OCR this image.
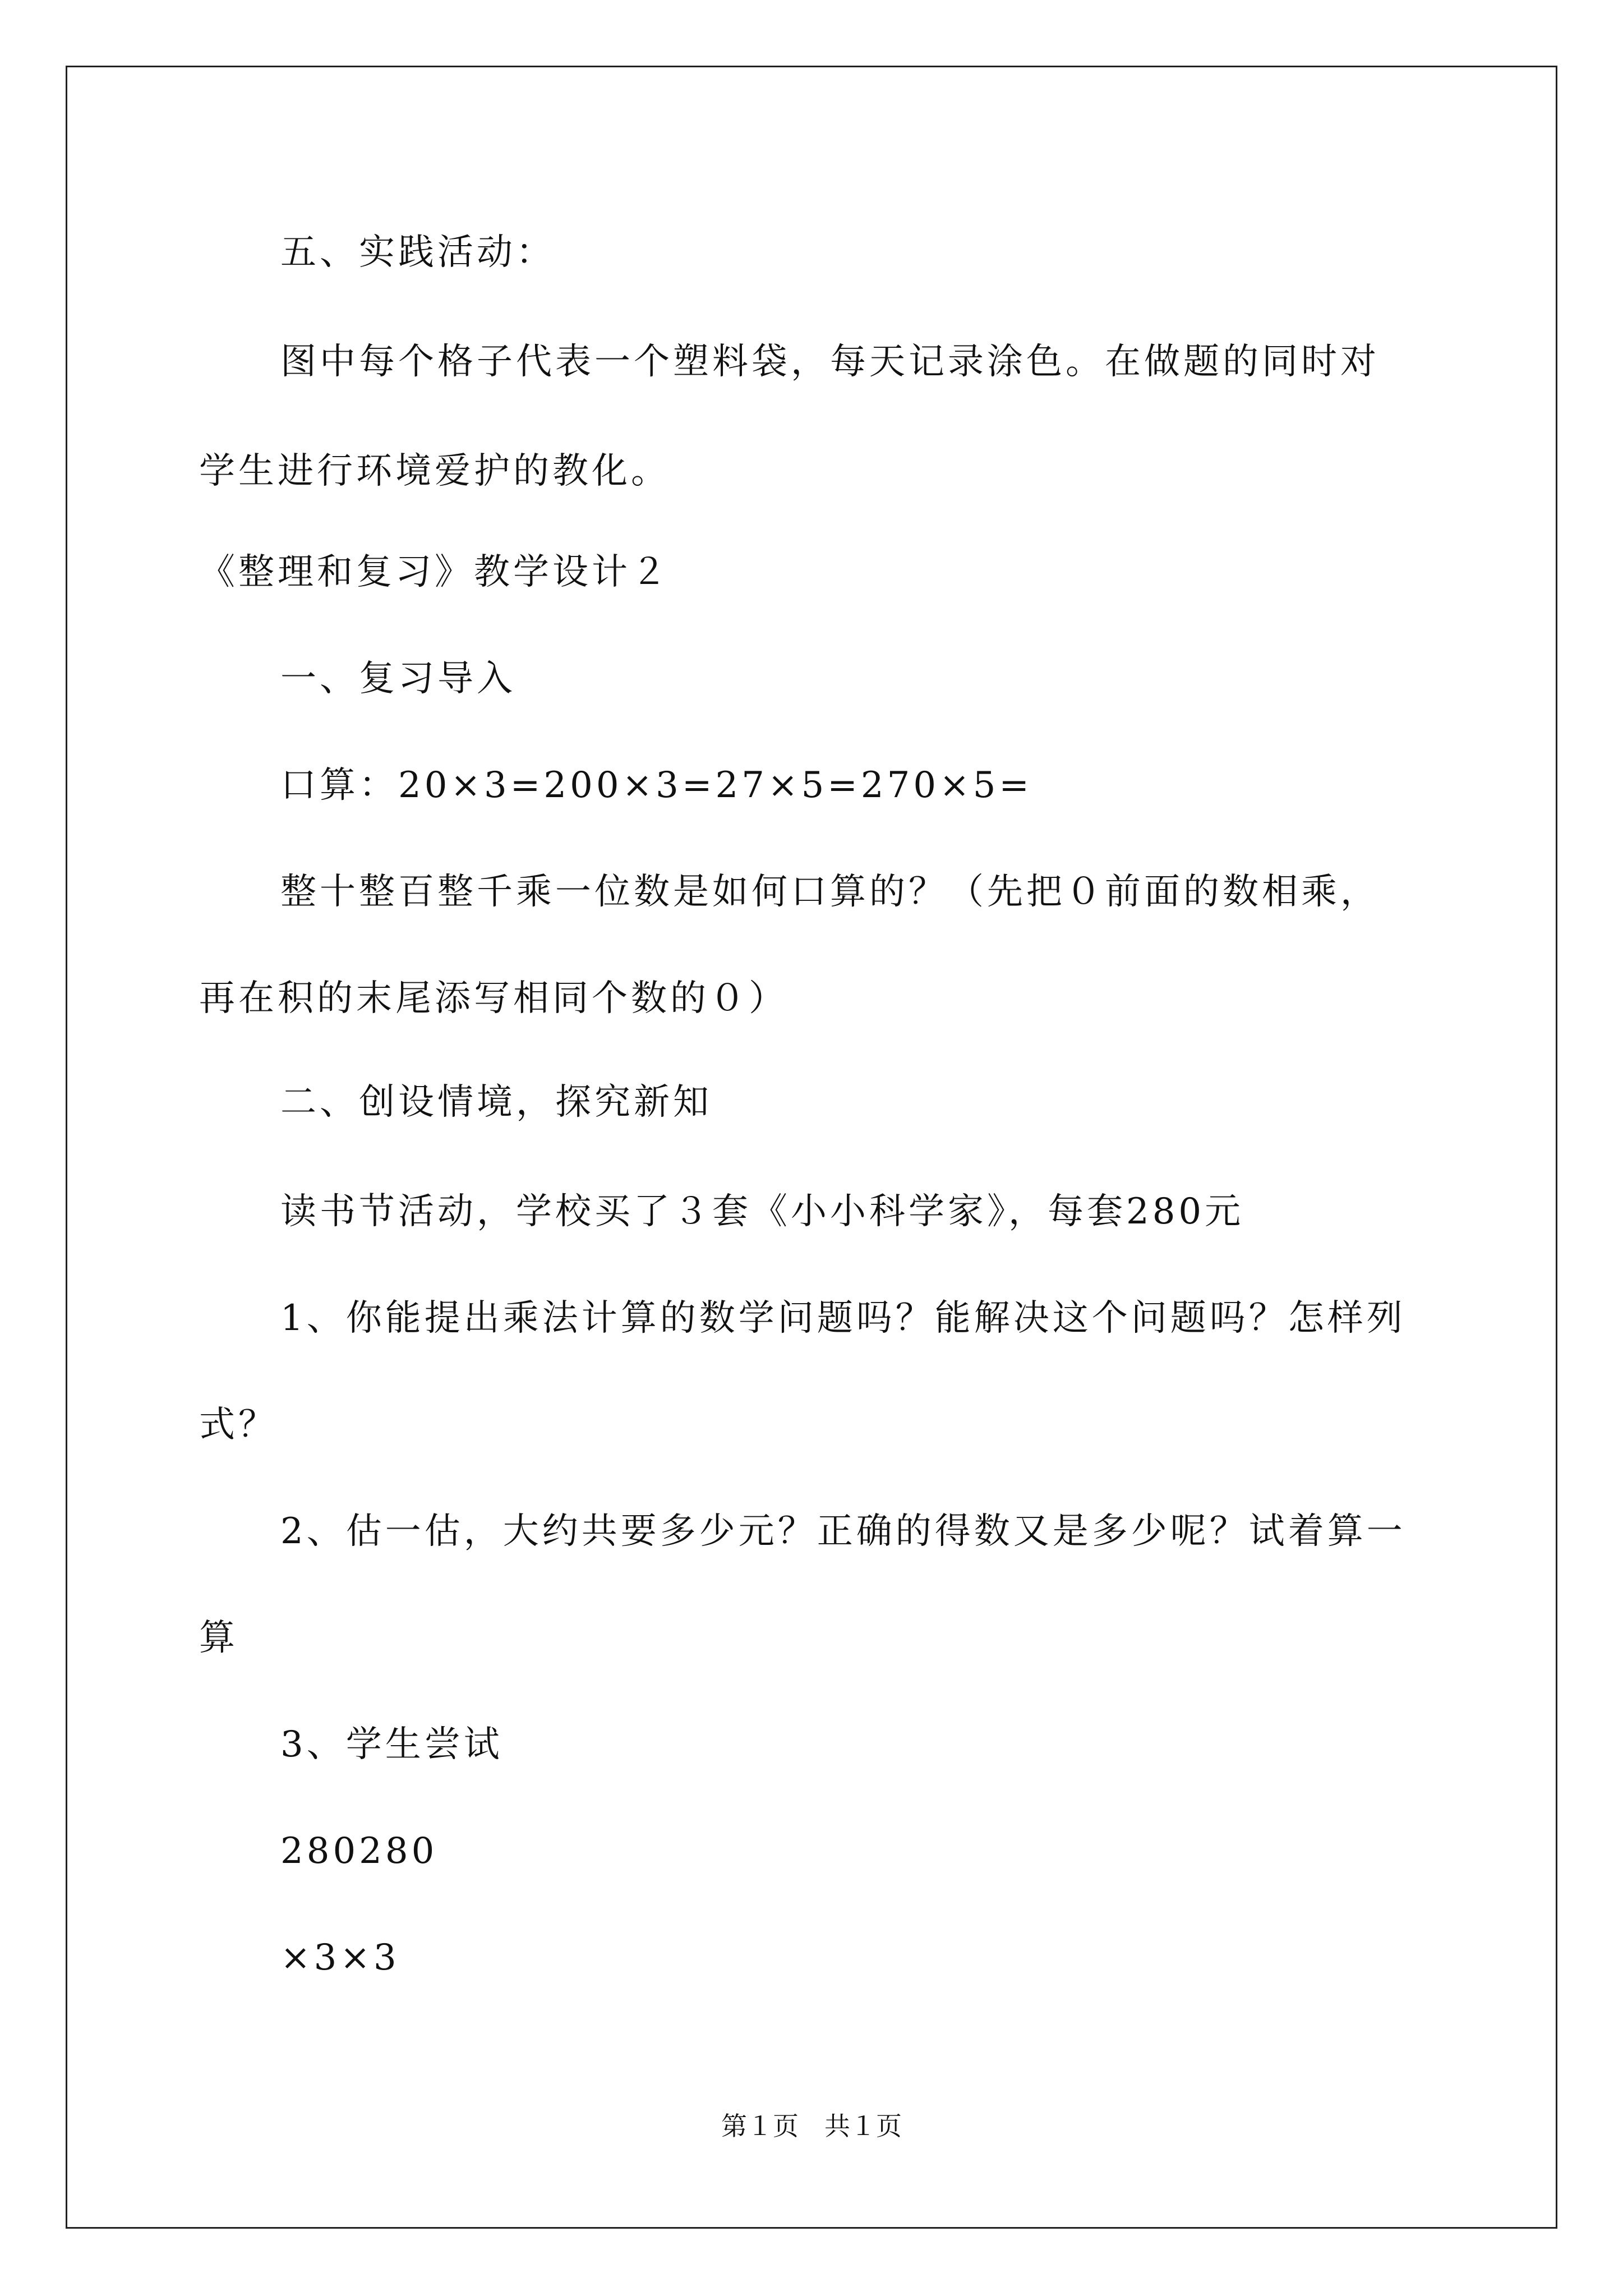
五、实践活动：
图中每个格子代表一个塑料袋，每天记录涂色。在做题的同时对
学生进行环境爱护的教化。
《整理和复习》教学设计２
一、复习导入
口算：20×3=200×3=27×5=270×5=
整十整百整千乘一位数是如何口算的？（先把０前面的数相乘，
再在积的末尾添写相同个数的０）
二、创设情境，探究新知
读书节活动，学校买了３套《小小科学家》，每套280元
1、你能提出乘法计算的数学问题吗？能解决这个问题吗？怎样列
式？
2、估一估，大约共要多少元？正确的得数又是多少呢？试着算一
算
3、学生尝试
280280
×3×3
第１页　共１页
